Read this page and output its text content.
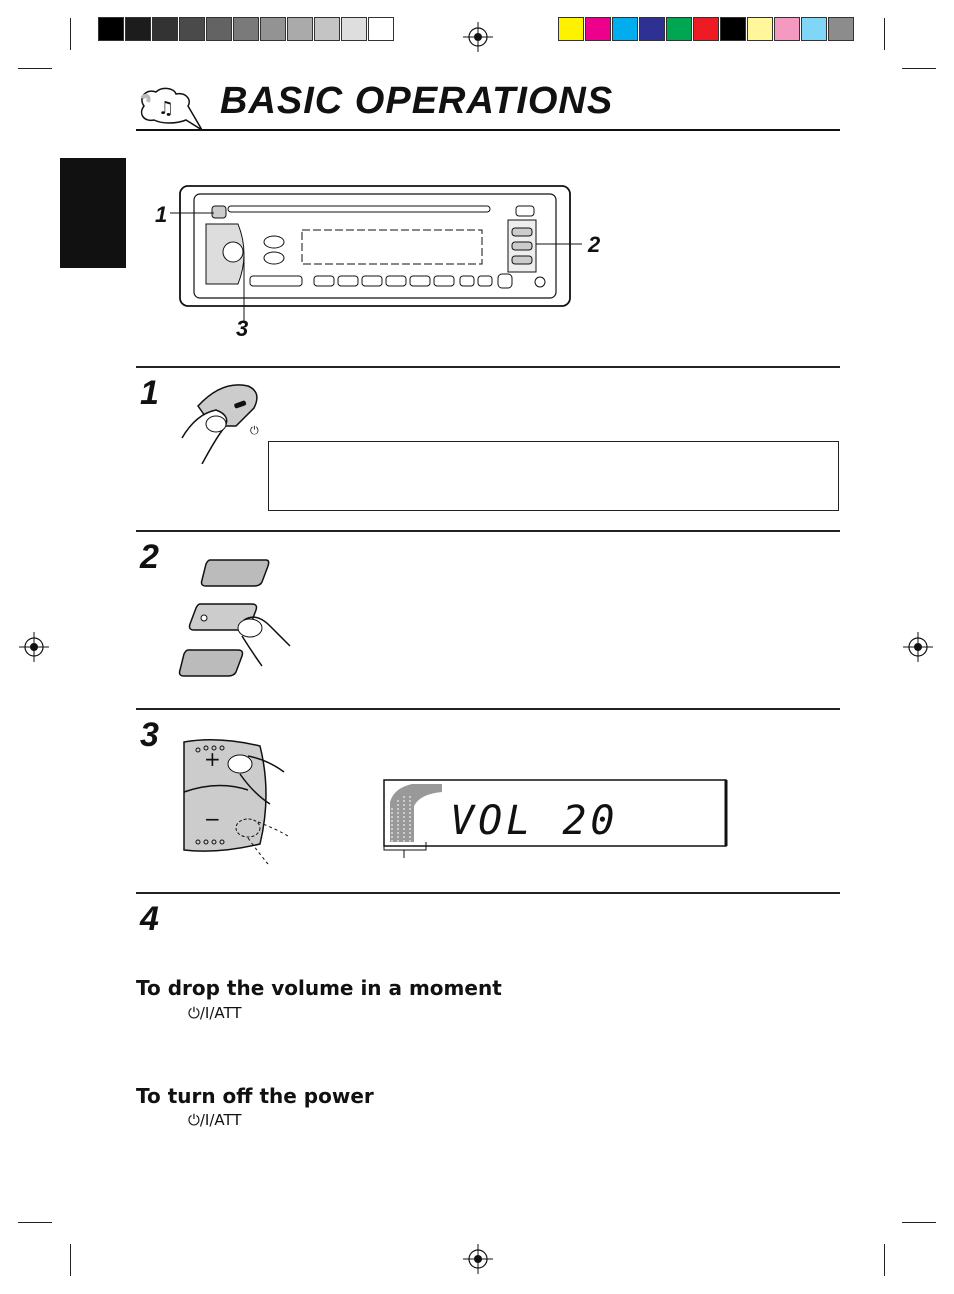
♫ BASIC OPERATIONS
1
2
3
1
⏻
2
3
+
−	VOL 20
4
To drop the volume in a moment
⏻/I/ATT
To turn off the power
⏻/I/ATT
